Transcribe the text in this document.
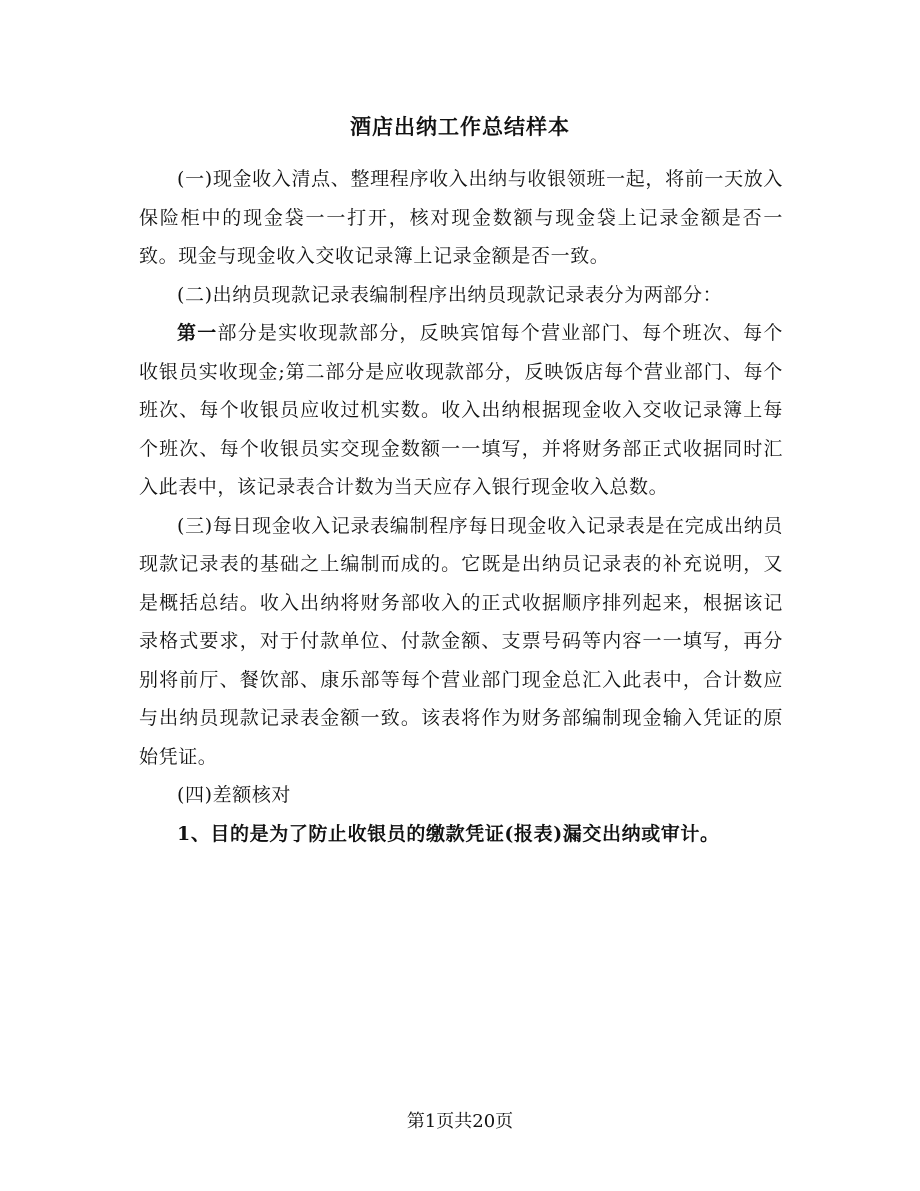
酒店出纳工作总结样本

(一)现金收入清点、整理程序收入出纳与收银领班一起，将前一天放入保险柜中的现金袋一一打开，核对现金数额与现金袋上记录金额是否一致。现金与现金收入交收记录簿上记录金额是否一致。

(二)出纳员现款记录表编制程序出纳员现款记录表分为两部分：

第一部分是实收现款部分，反映宾馆每个营业部门、每个班次、每个收银员实收现金;第二部分是应收现款部分，反映饭店每个营业部门、每个班次、每个收银员应收过机实数。收入出纳根据现金收入交收记录簿上每个班次、每个收银员实交现金数额一一填写，并将财务部正式收据同时汇入此表中，该记录表合计数为当天应存入银行现金收入总数。

(三)每日现金收入记录表编制程序每日现金收入记录表是在完成出纳员现款记录表的基础之上编制而成的。它既是出纳员记录表的补充说明，又是概括总结。收入出纳将财务部收入的正式收据顺序排列起来，根据该记录格式要求，对于付款单位、付款金额、支票号码等内容一一填写，再分别将前厅、餐饮部、康乐部等每个营业部门现金总汇入此表中，合计数应与出纳员现款记录表金额一致。该表将作为财务部编制现金输入凭证的原始凭证。

(四)差额核对

1、目的是为了防止收银员的缴款凭证(报表)漏交出纳或审计。

第1页共20页
